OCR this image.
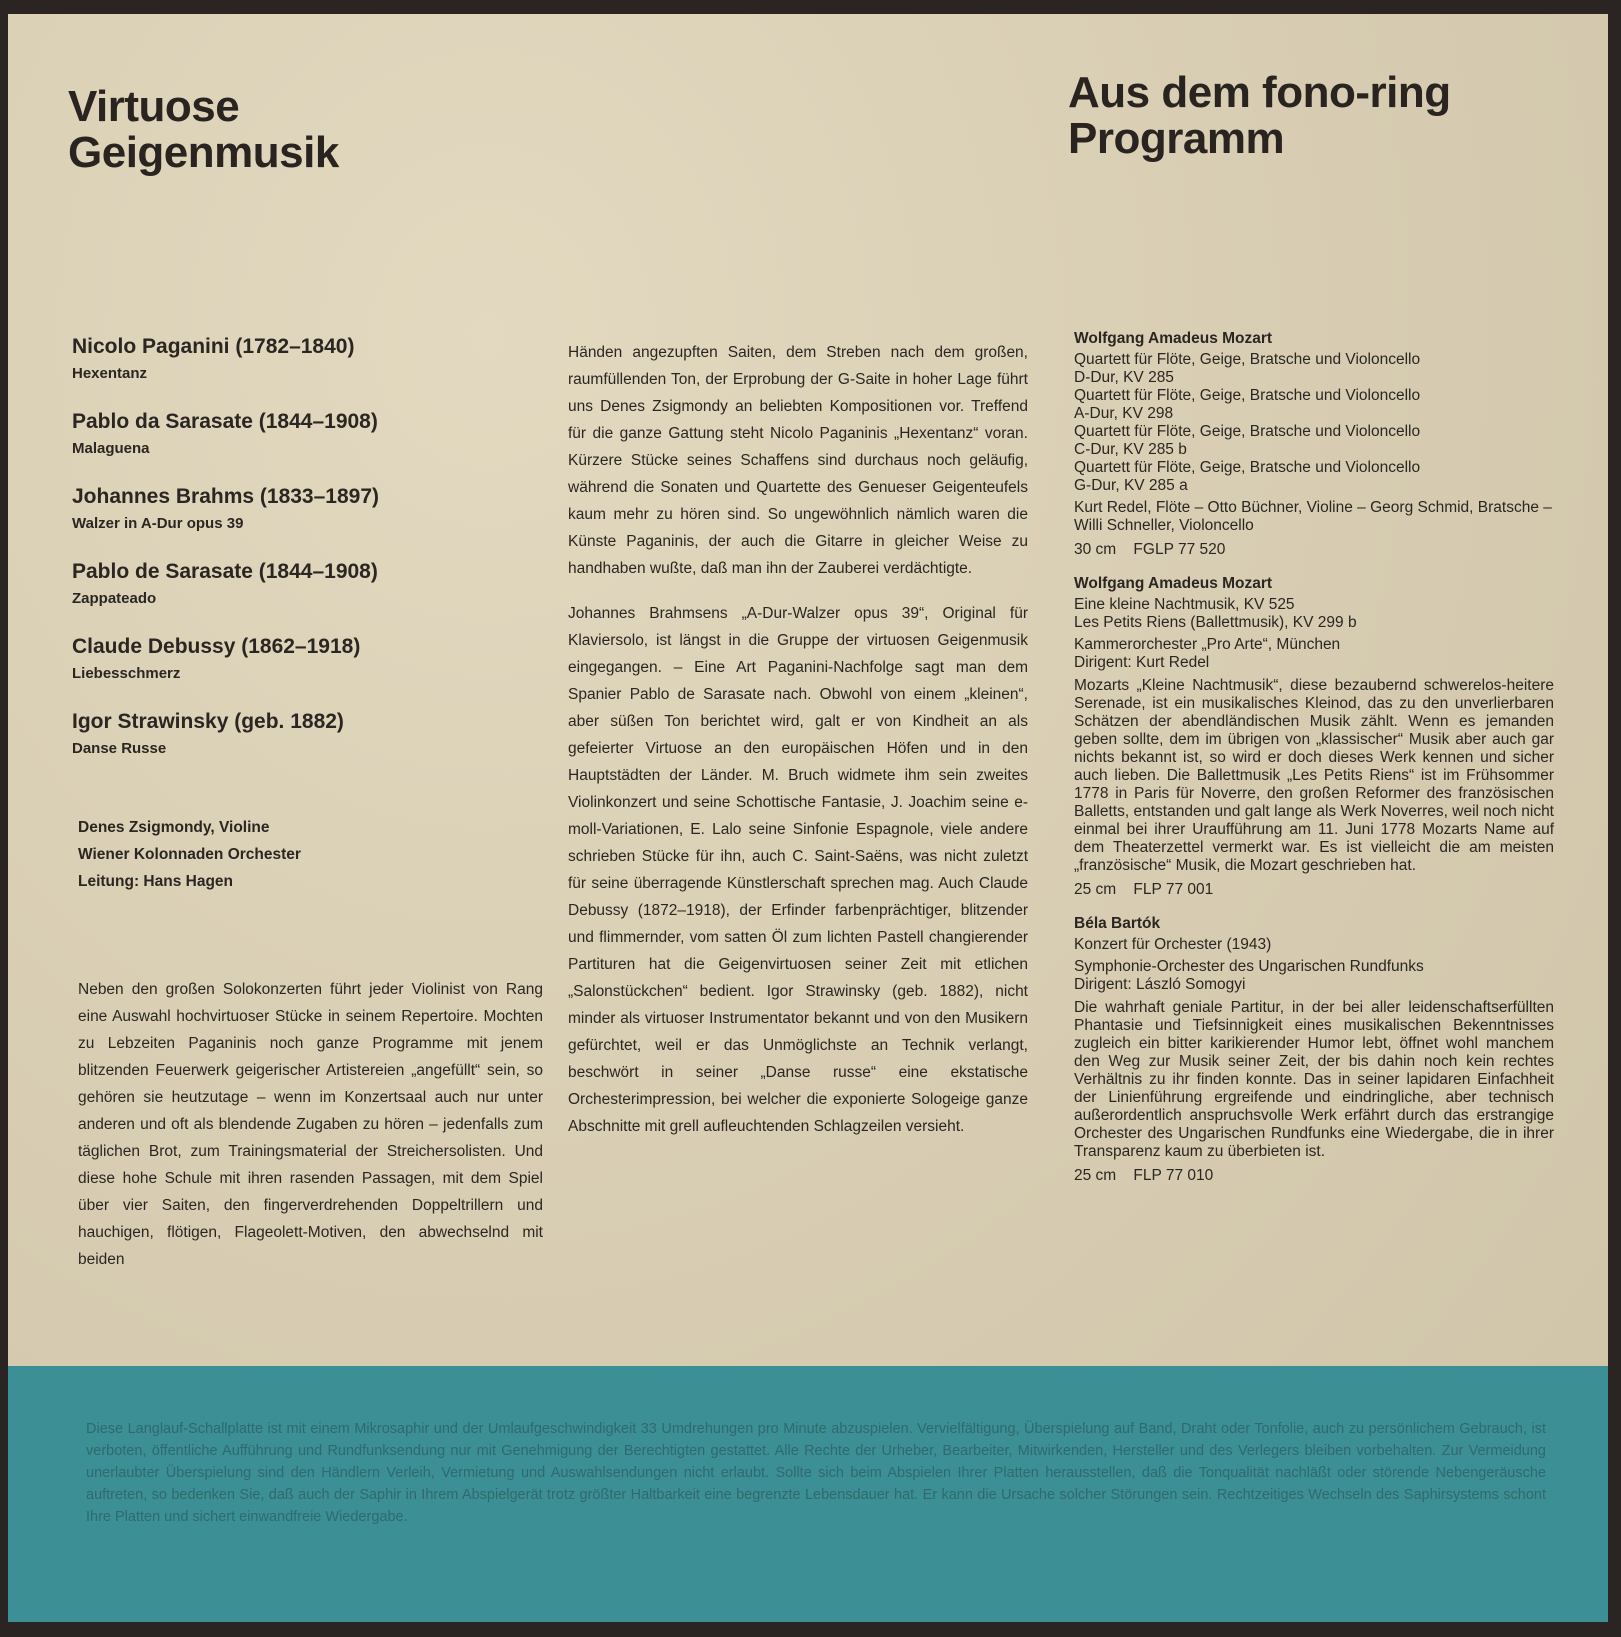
Virtuose
Geigenmusik
Aus dem fono-ring
Programm
Nicolo Paganini (1782–1840)
Hexentanz
Pablo da Sarasate (1844–1908)
Malaguena
Johannes Brahms (1833–1897)
Walzer in A-Dur opus 39
Pablo de Sarasate (1844–1908)
Zappateado
Claude Debussy (1862–1918)
Liebesschmerz
Igor Strawinsky (geb. 1882)
Danse Russe
Denes Zsigmondy, Violine
Wiener Kolonnaden Orchester
Leitung: Hans Hagen
Neben den großen Solokonzerten führt jeder Violinist von Rang eine Auswahl hochvirtuoser Stücke in seinem Repertoire. Mochten zu Lebzeiten Paganinis noch ganze Programme mit jenem blitzenden Feuerwerk geigerischer Artistereien „angefüllt“ sein, so gehören sie heutzutage – wenn im Konzertsaal auch nur unter anderen und oft als blendende Zugaben zu hören – jedenfalls zum täglichen Brot, zum Trainingsmaterial der Streichersolisten. Und diese hohe Schule mit ihren rasenden Passagen, mit dem Spiel über vier Saiten, den fingerverdrehenden Doppeltrillern und hauchigen, flötigen, Flageolett-Motiven, den abwechselnd mit beiden

Händen angezupften Saiten, dem Streben nach dem großen, raumfüllenden Ton, der Erprobung der G-Saite in hoher Lage führt uns Denes Zsigmondy an beliebten Kompositionen vor. Treffend für die ganze Gattung steht Nicolo Paganinis „Hexentanz“ voran. Kürzere Stücke seines Schaffens sind durchaus noch geläufig, während die Sonaten und Quartette des Genueser Geigenteufels kaum mehr zu hören sind. So ungewöhnlich nämlich waren die Künste Paganinis, der auch die Gitarre in gleicher Weise zu handhaben wußte, daß man ihn der Zauberei verdächtigte.

Johannes Brahmsens „A-Dur-Walzer opus 39“, Original für Klaviersolo, ist längst in die Gruppe der virtuosen Geigenmusik eingegangen. – Eine Art Paganini-Nachfolge sagt man dem Spanier Pablo de Sarasate nach. Obwohl von einem „kleinen“, aber süßen Ton berichtet wird, galt er von Kindheit an als gefeierter Virtuose an den europäischen Höfen und in den Hauptstädten der Länder. M. Bruch widmete ihm sein zweites Violinkonzert und seine Schottische Fantasie, J. Joachim seine e-moll-Variationen, E. Lalo seine Sinfonie Espagnole, viele andere schrieben Stücke für ihn, auch C. Saint-Saëns, was nicht zuletzt für seine überragende Künstlerschaft sprechen mag. Auch Claude Debussy (1872–1918), der Erfinder farbenprächtiger, blitzender und flimmernder, vom satten Öl zum lichten Pastell changierender Partituren hat die Geigenvirtuosen seiner Zeit mit etlichen „Salonstückchen“ bedient. Igor Strawinsky (geb. 1882), nicht minder als virtuoser Instrumentator bekannt und von den Musikern gefürchtet, weil er das Unmöglichste an Technik verlangt, beschwört in seiner „Danse russe“ eine ekstatische Orchesterimpression, bei welcher die exponierte Sologeige ganze Abschnitte mit grell aufleuchtenden Schlagzeilen versieht.

Wolfgang Amadeus Mozart
Quartett für Flöte, Geige, Bratsche und Violoncello
D-Dur, KV 285
Quartett für Flöte, Geige, Bratsche und Violoncello
A-Dur, KV 298
Quartett für Flöte, Geige, Bratsche und Violoncello
C-Dur, KV 285 b
Quartett für Flöte, Geige, Bratsche und Violoncello
G-Dur, KV 285 a
Kurt Redel, Flöte – Otto Büchner, Violine – Georg Schmid, Bratsche – Willi Schneller, Violoncello
30 cm    FGLP 77 520
Wolfgang Amadeus Mozart
Eine kleine Nachtmusik, KV 525
Les Petits Riens (Ballettmusik), KV 299 b
Kammerorchester „Pro Arte“, München
Dirigent: Kurt Redel
Mozarts „Kleine Nachtmusik“, diese bezaubernd schwerelos-heitere Serenade, ist ein musikalisches Kleinod, das zu den unverlierbaren Schätzen der abendländischen Musik zählt. Wenn es jemanden geben sollte, dem im übrigen von „klassischer“ Musik aber auch gar nichts bekannt ist, so wird er doch dieses Werk kennen und sicher auch lieben. Die Ballettmusik „Les Petits Riens“ ist im Frühsommer 1778 in Paris für Noverre, den großen Reformer des französischen Balletts, entstanden und galt lange als Werk Noverres, weil noch nicht einmal bei ihrer Uraufführung am 11. Juni 1778 Mozarts Name auf dem Theaterzettel vermerkt war. Es ist vielleicht die am meisten „französische“ Musik, die Mozart geschrieben hat.
25 cm    FLP 77 001
Béla Bartók
Konzert für Orchester (1943)
Symphonie-Orchester des Ungarischen Rundfunks
Dirigent: László Somogyi
Die wahrhaft geniale Partitur, in der bei aller leidenschaftserfüllten Phantasie und Tiefsinnigkeit eines musikalischen Bekenntnisses zugleich ein bitter karikierender Humor lebt, öffnet wohl manchem den Weg zur Musik seiner Zeit, der bis dahin noch kein rechtes Verhältnis zu ihr finden konnte. Das in seiner lapidaren Einfachheit der Linienführung ergreifende und eindringliche, aber technisch außerordentlich anspruchsvolle Werk erfährt durch das erstrangige Orchester des Ungarischen Rundfunks eine Wiedergabe, die in ihrer Transparenz kaum zu überbieten ist.
25 cm    FLP 77 010
Diese Langlauf-Schallplatte ist mit einem Mikrosaphir und der Umlaufgeschwindigkeit 33 Umdrehungen pro Minute abzuspielen. Vervielfältigung, Überspielung auf Band, Draht oder Tonfolie, auch zu persönlichem Gebrauch, ist verboten, öffentliche Aufführung und Rundfunksendung nur mit Genehmigung der Berechtigten gestattet. Alle Rechte der Urheber, Bearbeiter, Mitwirkenden, Hersteller und des Verlegers bleiben vorbehalten. Zur Vermeidung unerlaubter Überspielung sind den Händlern Verleih, Vermietung und Auswahlsendungen nicht erlaubt. Sollte sich beim Abspielen Ihrer Platten herausstellen, daß die Tonqualität nachläßt oder störende Nebengeräusche auftreten, so bedenken Sie, daß auch der Saphir in Ihrem Abspielgerät trotz größter Haltbarkeit eine begrenzte Lebensdauer hat. Er kann die Ursache solcher Störungen sein. Rechtzeitiges Wechseln des Saphirsystems schont Ihre Platten und sichert einwandfreie Wiedergabe.
